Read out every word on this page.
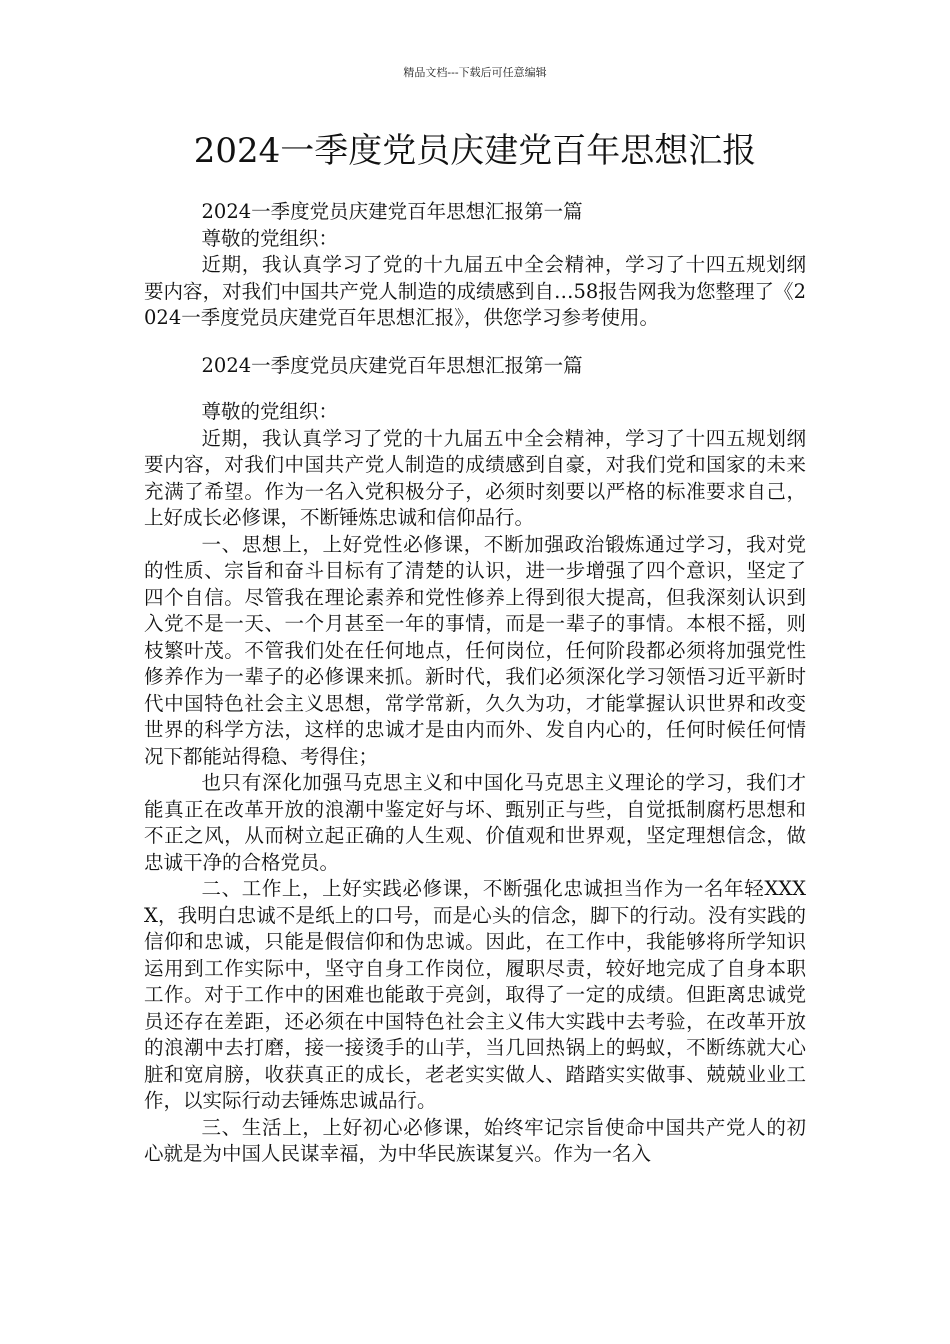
精品文档---下载后可任意编辑
2024一季度党员庆建党百年思想汇报

2024一季度党员庆建党百年思想汇报第一篇

尊敬的党组织：

近期，我认真学习了党的十九届五中全会精神，学习了十四五规划纲要内容，对我们中国共产党人制造的成绩感到自…58报告网我为您整理了《2024一季度党员庆建党百年思想汇报》，供您学习参考使用。

2024一季度党员庆建党百年思想汇报第一篇

尊敬的党组织：

近期，我认真学习了党的十九届五中全会精神，学习了十四五规划纲要内容，对我们中国共产党人制造的成绩感到自豪，对我们党和国家的未来充满了希望。作为一名入党积极分子，必须时刻要以严格的标准要求自己，上好成长必修课，不断锤炼忠诚和信仰品行。

一、思想上，上好党性必修课，不断加强政治锻炼通过学习，我对党的性质、宗旨和奋斗目标有了清楚的认识，进一步增强了四个意识，坚定了四个自信。尽管我在理论素养和党性修养上得到很大提高，但我深刻认识到入党不是一天、一个月甚至一年的事情，而是一辈子的事情。本根不摇，则枝繁叶茂。不管我们处在任何地点，任何岗位，任何阶段都必须将加强党性修养作为一辈子的必修课来抓。新时代，我们必须深化学习领悟习近平新时代中国特色社会主义思想，常学常新，久久为功，才能掌握认识世界和改变世界的科学方法，这样的忠诚才是由内而外、发自内心的，任何时候任何情况下都能站得稳、考得住；

也只有深化加强马克思主义和中国化马克思主义理论的学习，我们才能真正在改革开放的浪潮中鉴定好与坏、甄别正与些，自觉抵制腐朽思想和不正之风，从而树立起正确的人生观、价值观和世界观，坚定理想信念，做忠诚干净的合格党员。

二、工作上，上好实践必修课，不断强化忠诚担当作为一名年轻XXXX，我明白忠诚不是纸上的口号，而是心头的信念，脚下的行动。没有实践的信仰和忠诚，只能是假信仰和伪忠诚。因此，在工作中，我能够将所学知识运用到工作实际中，坚守自身工作岗位，履职尽责，较好地完成了自身本职工作。对于工作中的困难也能敢于亮剑，取得了一定的成绩。但距离忠诚党员还存在差距，还必须在中国特色社会主义伟大实践中去考验，在改革开放的浪潮中去打磨，接一接烫手的山芋，当几回热锅上的蚂蚁，不断练就大心脏和宽肩膀，收获真正的成长，老老实实做人、踏踏实实做事、兢兢业业工作，以实际行动去锤炼忠诚品行。

三、生活上，上好初心必修课，始终牢记宗旨使命中国共产党人的初心就是为中国人民谋幸福，为中华民族谋复兴。作为一名入
